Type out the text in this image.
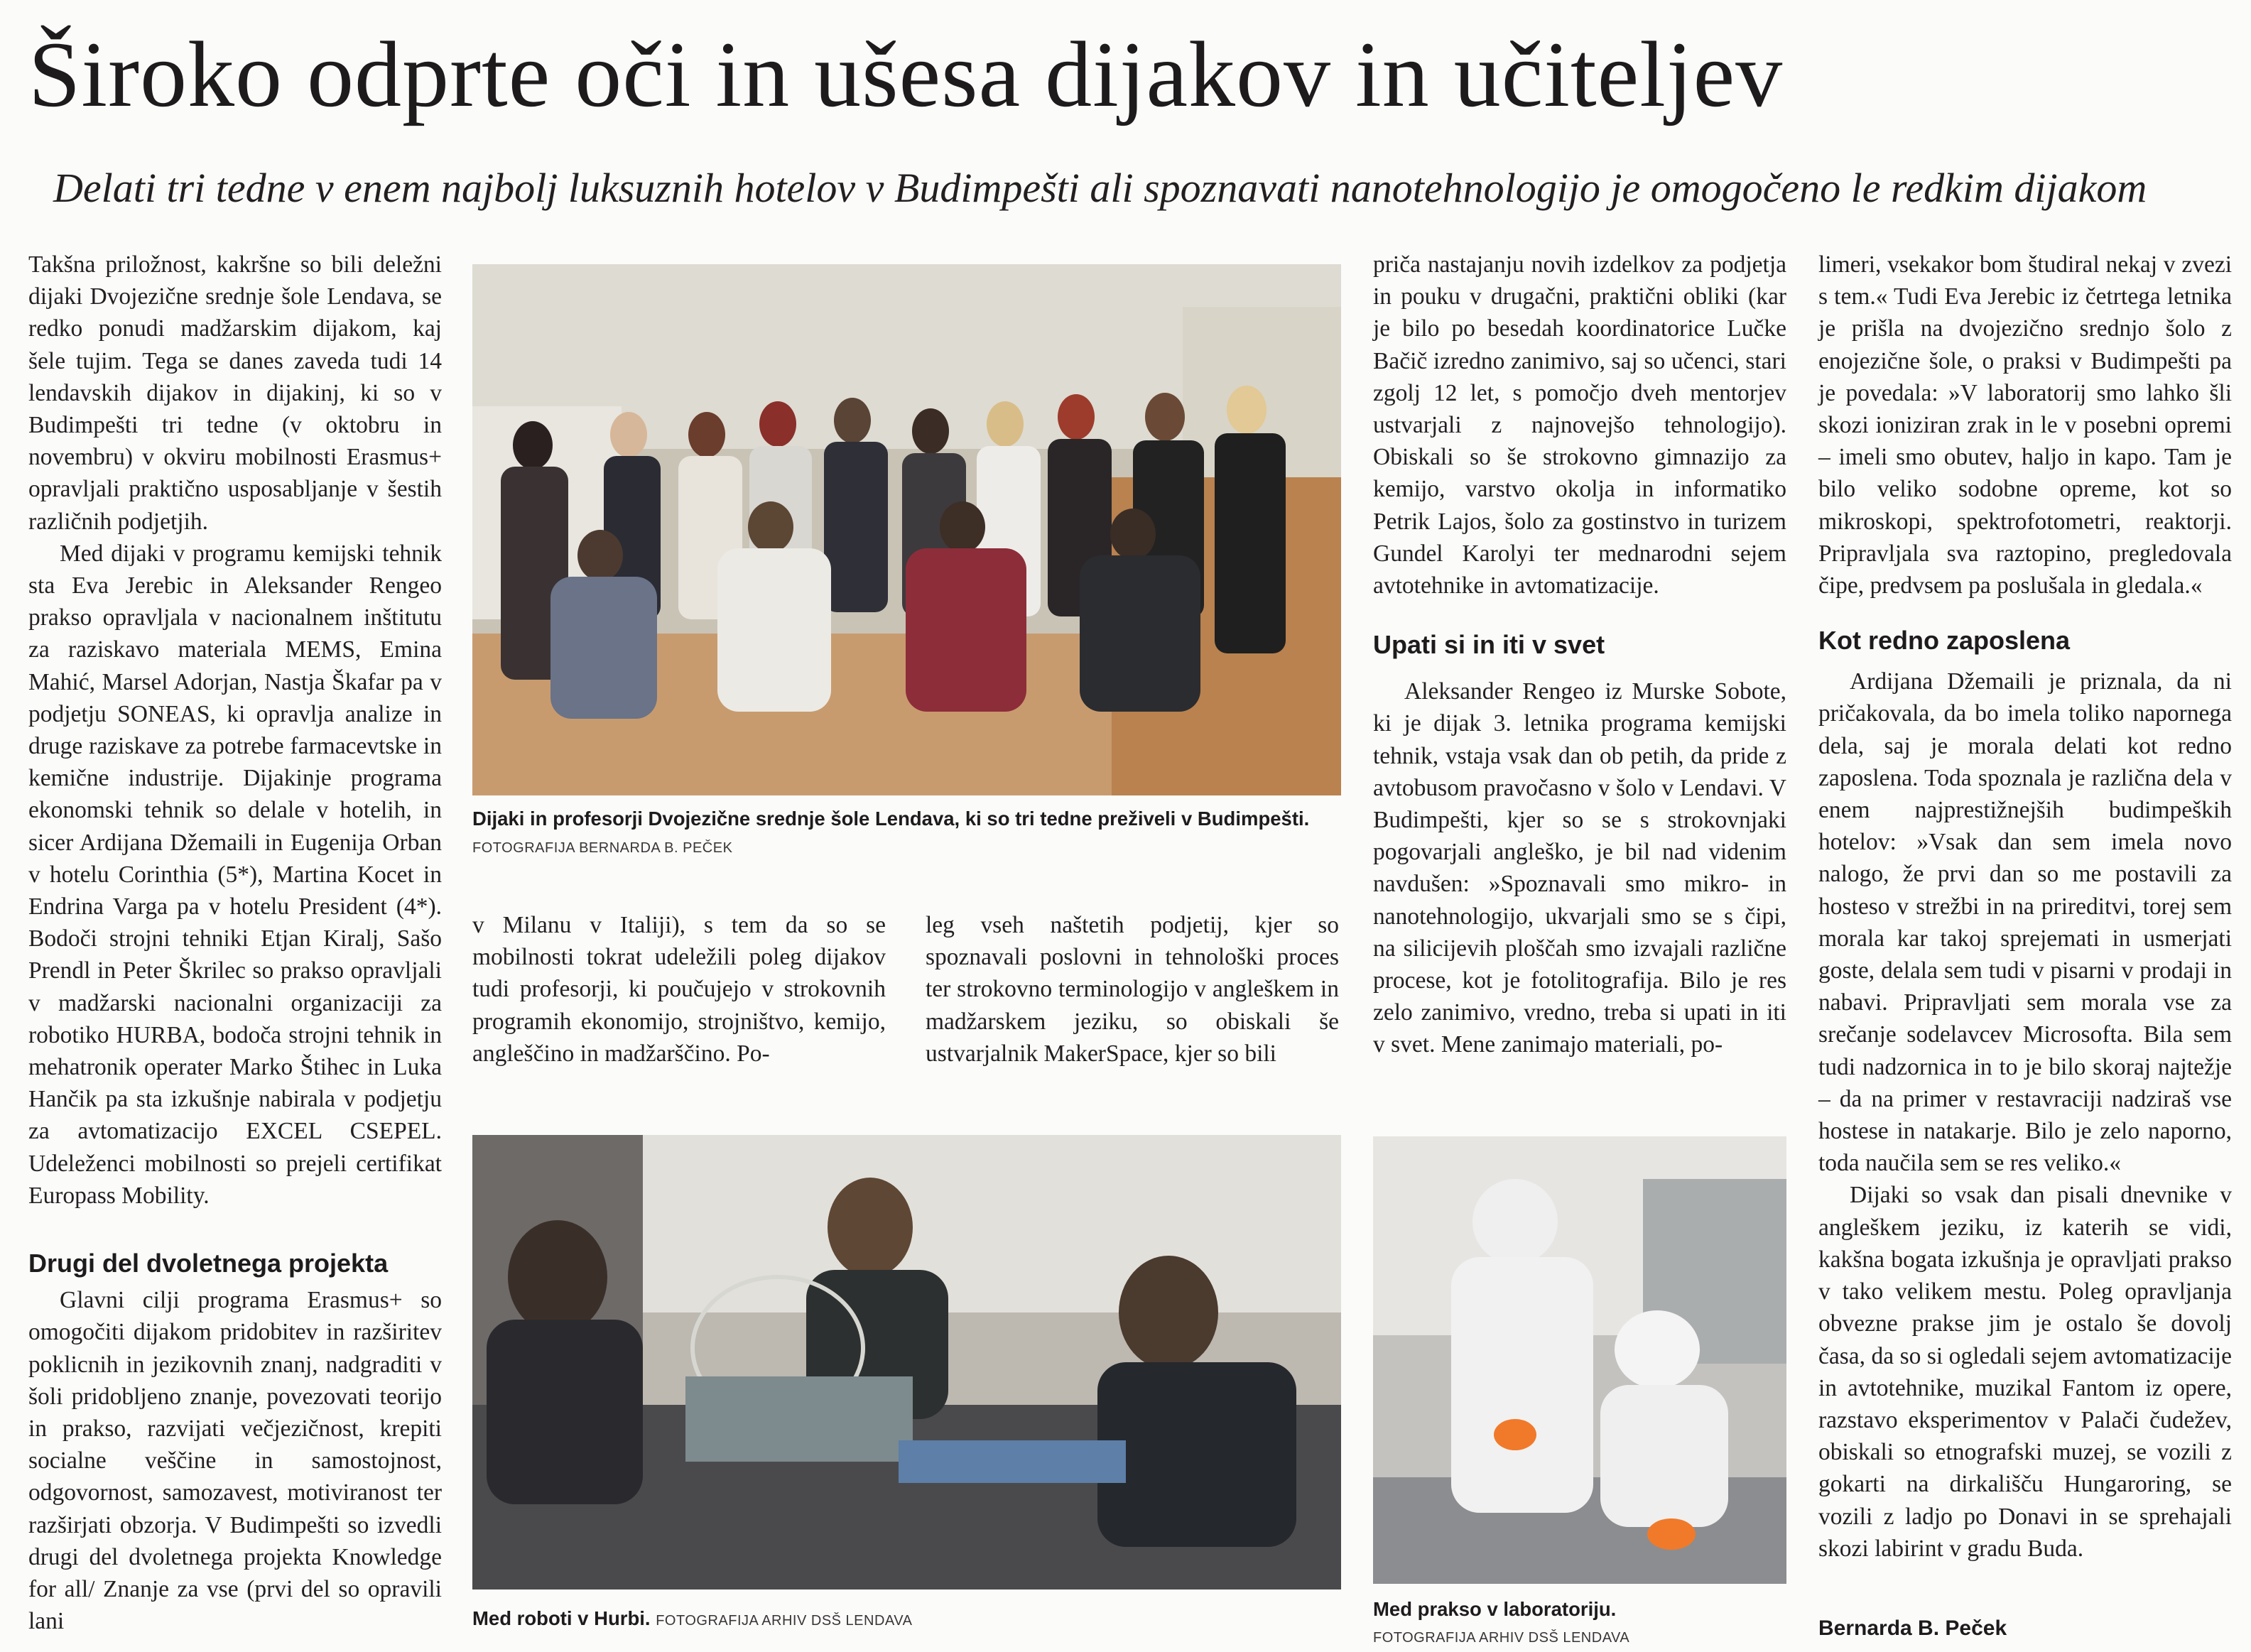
Široko odprte oči in ušesa dijakov in učiteljev
Delati tri tedne v enem najbolj luksuznih hotelov v Budimpešti ali spoznavati nanotehnologijo je omogočeno le redkim dijakom

Takšna priložnost, kakršne so bili deležni dijaki Dvojezične srednje šole Lendava, se redko ponudi madžarskim dijakom, kaj šele tujim. Tega se danes zaveda tudi 14 lendavskih dijakov in dijakinj, ki so v Budimpešti tri tedne (v oktobru in novembru) v okviru mobilnosti Erasmus+ opravljali praktično usposabljanje v šestih različnih podjetjih.

Med dijaki v programu kemijski tehnik sta Eva Jerebic in Aleksander Rengeo prakso opravljala v nacionalnem inštitutu za raziskavo materiala MEMS, Emina Mahić, Marsel Adorjan, Nastja Škafar pa v podjetju SONEAS, ki opravlja analize in druge raziskave za potrebe farmacevtske in kemične industrije. Dijakinje programa ekonomski tehnik so delale v hotelih, in sicer Ardijana Džemaili in Eugenija Orban v hotelu Corinthia (5*), Martina Kocet in Endrina Varga pa v hotelu President (4*). Bodoči strojni tehniki Etjan Kiralj, Sašo Prendl in Peter Škrilec so prakso opravljali v madžarski nacionalni organizaciji za robotiko HURBA, bodoča strojni tehnik in mehatronik operater Marko Štihec in Luka Hančik pa sta izkušnje nabirala v podjetju za avtomatizacijo EXCEL CSEPEL. Udeleženci mobilnosti so prejeli certifikat Europass Mobility.

Drugi del dvoletnega projekta

Glavni cilji programa Erasmus+ so omogočiti dijakom pridobitev in razširitev poklicnih in jezikovnih znanj, nadgraditi v šoli pridobljeno znanje, povezovati teorijo in prakso, razvijati večjezičnost, krepiti socialne veščine in samostojnost, odgovornost, samozavest, motiviranost ter razširjati obzorja. V Budimpešti so izvedli drugi del dvoletnega projekta Knowledge for all/ Znanje za vse (prvi del so opravili lani

Dijaki in profesorji Dvojezične srednje šole Lendava, ki so tri tedne preživeli v Budimpešti. FOTOGRAFIJA BERNARDA B. PEČEK

v Milanu v Italiji), s tem da so se mobilnosti tokrat udeležili poleg dijakov tudi profesorji, ki poučujejo v strokovnih programih ekonomijo, strojništvo, kemijo, angleščino in madžarščino. Po-

leg vseh naštetih podjetij, kjer so spoznavali poslovni in tehnološki proces ter strokovno terminologijo v angleškem in madžarskem jeziku, so obiskali še ustvarjalnik MakerSpace, kjer so bili

Med roboti v Hurbi. FOTOGRAFIJA ARHIV DSŠ LENDAVA

priča nastajanju novih izdelkov za podjetja in pouku v drugačni, praktični obliki (kar je bilo po besedah koordinatorice Lučke Bačič izredno zanimivo, saj so učenci, stari zgolj 12 let, s pomočjo dveh mentorjev ustvarjali z najnovejšo tehnologijo). Obiskali so še strokovno gimnazijo za kemijo, varstvo okolja in informatiko Petrik Lajos, šolo za gostinstvo in turizem Gundel Karolyi ter mednarodni sejem avtotehnike in avtomatizacije.

Upati si in iti v svet

Aleksander Rengeo iz Murske Sobote, ki je dijak 3. letnika programa kemijski tehnik, vstaja vsak dan ob petih, da pride z avtobusom pravočasno v šolo v Lendavi. V Budimpešti, kjer so se s strokovnjaki pogovarjali angleško, je bil nad videnim navdušen: »Spoznavali smo mikro- in nanotehnologijo, ukvarjali smo se s čipi, na silicijevih ploščah smo izvajali različne procese, kot je fotolitografija. Bilo je res zelo zanimivo, vredno, treba si upati in iti v svet. Mene zanimajo materiali, po-

Med prakso v laboratoriju.
FOTOGRAFIJA ARHIV DSŠ LENDAVA

limeri, vsekakor bom študiral nekaj v zvezi s tem.« Tudi Eva Jerebic iz četrtega letnika je prišla na dvojezično srednjo šolo z enojezične šole, o praksi v Budimpešti pa je povedala: »V laboratorij smo lahko šli skozi ioniziran zrak in le v posebni opremi – imeli smo obutev, haljo in kapo. Tam je bilo veliko sodobne opreme, kot so mikroskopi, spektrofotometri, reaktorji. Pripravljala sva raztopino, pregledovala čipe, predvsem pa poslušala in gledala.«

Kot redno zaposlena

Ardijana Džemaili je priznala, da ni pričakovala, da bo imela toliko napornega dela, saj je morala delati kot redno zaposlena. Toda spoznala je različna dela v enem najprestižnejših budimpeških hotelov: »Vsak dan sem imela novo nalogo, že prvi dan so me postavili za hosteso v strežbi in na prireditvi, torej sem morala kar takoj sprejemati in usmerjati goste, delala sem tudi v pisarni v prodaji in nabavi. Pripravljati sem morala vse za srečanje sodelavcev Microsofta. Bila sem tudi nadzornica in to je bilo skoraj najtežje – da na primer v restavraciji nadziraš vse hostese in natakarje. Bilo je zelo naporno, toda naučila sem se res veliko.«

Dijaki so vsak dan pisali dnevnike v angleškem jeziku, iz katerih se vidi, kakšna bogata izkušnja je opravljati prakso v tako velikem mestu. Poleg opravljanja obvezne prakse jim je ostalo še dovolj časa, da so si ogledali sejem avtomatizacije in avtotehnike, muzikal Fantom iz opere, razstavo eksperimentov v Palači čudežev, obiskali so etnografski muzej, se vozili z gokarti na dirkališču Hungaroring, se vozili z ladjo po Donavi in se sprehajali skozi labirint v gradu Buda.

Bernarda B. Peček
